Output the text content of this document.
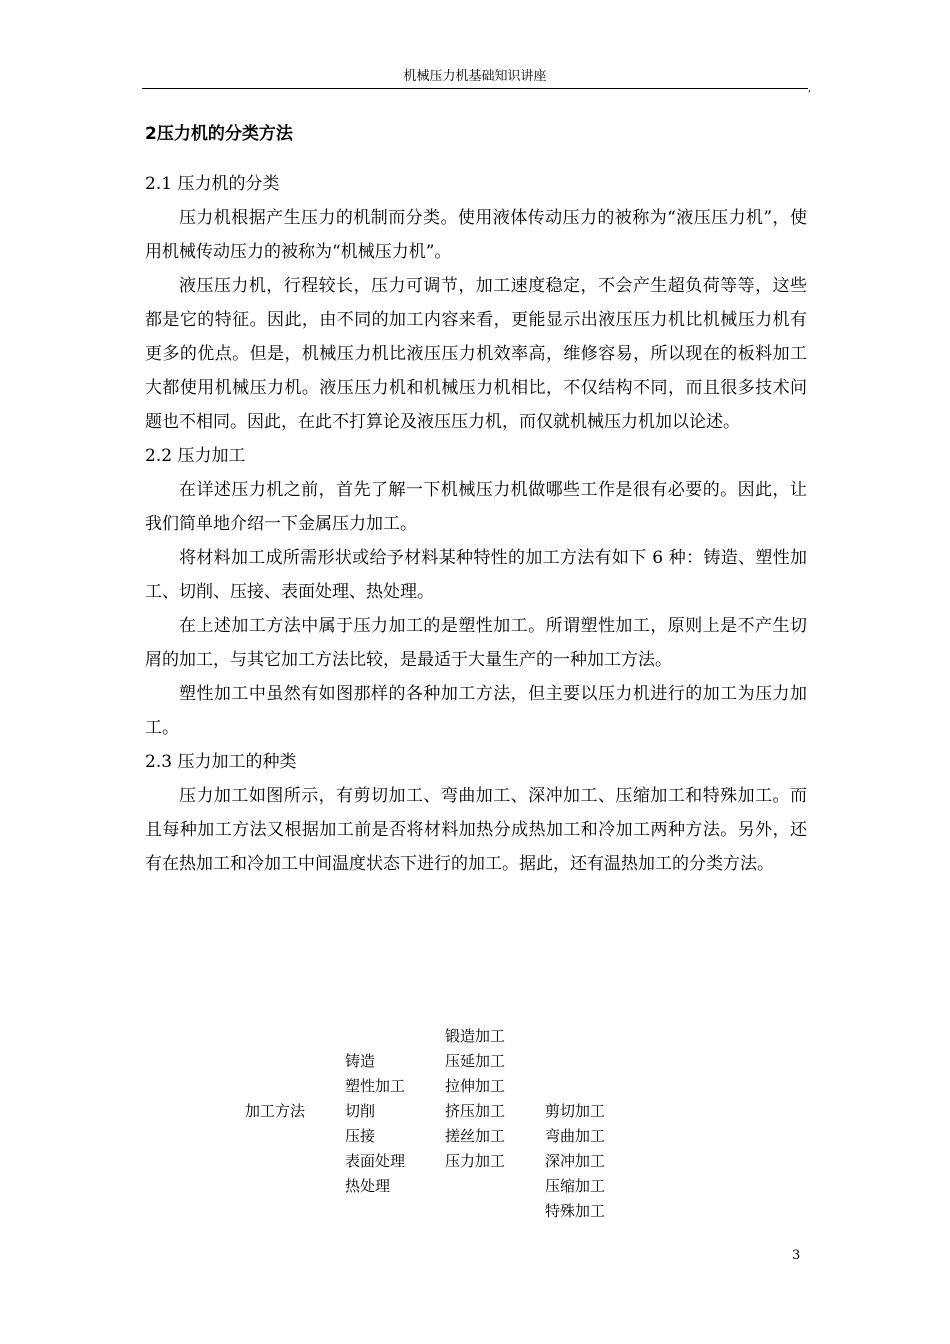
机械压力机基础知识讲座
,
2压力机的分类方法
2.1 压力机的分类

压力机根据产生压力的机制而分类。使用液体传动压力的被称为“液压压力机”，使用机械传动压力的被称为“机械压力机”。

液压压力机，行程较长，压力可调节，加工速度稳定，不会产生超负荷等等，这些都是它的特征。因此，由不同的加工内容来看，更能显示出液压压力机比机械压力机有更多的优点。但是，机械压力机比液压压力机效率高，维修容易，所以现在的板料加工大都使用机械压力机。液压压力机和机械压力机相比，不仅结构不同，而且很多技术问题也不相同。因此，在此不打算论及液压压力机，而仅就机械压力机加以论述。

2.2 压力加工

在详述压力机之前，首先了解一下机械压力机做哪些工作是很有必要的。因此，让我们简单地介绍一下金属压力加工。

将材料加工成所需形状或给予材料某种特性的加工方法有如下 6 种：铸造、塑性加工、切削、压接、表面处理、热处理。

在上述加工方法中属于压力加工的是塑性加工。所谓塑性加工，原则上是不产生切屑的加工，与其它加工方法比较，是最适于大量生产的一种加工方法。

塑性加工中虽然有如图那样的各种加工方法，但主要以压力机进行的加工为压力加工。

2.3 压力加工的种类

压力加工如图所示，有剪切加工、弯曲加工、深冲加工、压缩加工和特殊加工。而且每种加工方法又根据加工前是否将材料加热分成热加工和冷加工两种方法。另外，还有在热加工和冷加工中间温度状态下进行的加工。据此，还有温热加工的分类方法。

加工方法
铸造
塑性加工
切削
压接
表面处理
热处理
锻造加工
压延加工
拉伸加工
挤压加工
搓丝加工
压力加工
剪切加工
弯曲加工
深冲加工
压缩加工
特殊加工
3
